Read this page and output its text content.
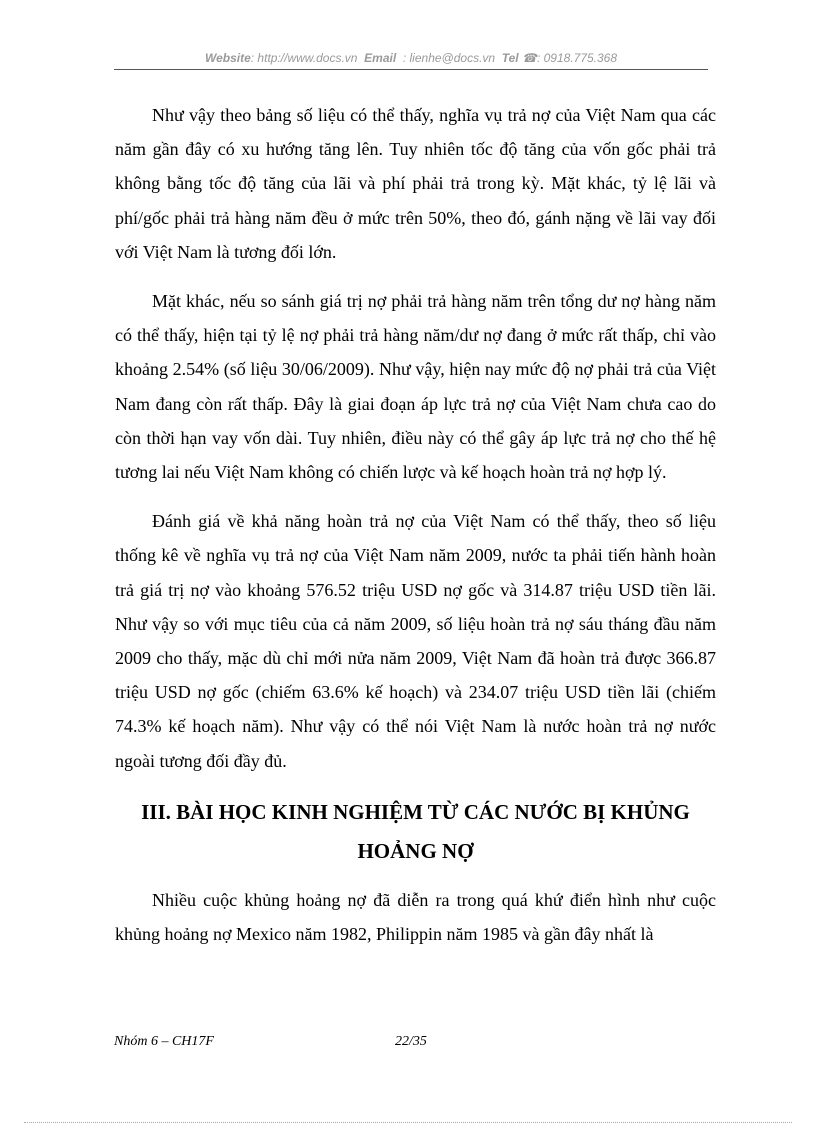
Website: http://www.docs.vn Email : lienhe@docs.vn Tel ☎: 0918.775.368

Như vậy theo bảng số liệu có thể thấy, nghĩa vụ trả nợ của Việt Nam qua các năm gần đây có xu hướng tăng lên. Tuy nhiên tốc độ tăng của vốn gốc phải trả không bằng tốc độ tăng của lãi và phí phải trả trong kỳ. Mặt khác, tỷ lệ lãi và phí/gốc phải trả hàng năm đều ở mức trên 50%, theo đó, gánh nặng về lãi vay đối với Việt Nam là tương đối lớn.

Mặt khác, nếu so sánh giá trị nợ phải trả hàng năm trên tổng dư nợ hàng năm có thể thấy, hiện tại tỷ lệ nợ phải trả hàng năm/dư nợ đang ở mức rất thấp, chỉ vào khoảng 2.54% (số liệu 30/06/2009). Như vậy, hiện nay mức độ nợ phải trả của Việt Nam đang còn rất thấp. Đây là giai đoạn áp lực trả nợ của Việt Nam chưa cao do còn thời hạn vay vốn dài. Tuy nhiên, điều này có thể gây áp lực trả nợ cho thế hệ tương lai nếu Việt Nam không có chiến lược và kế hoạch hoàn trả nợ hợp lý.

Đánh giá về khả năng hoàn trả nợ của Việt Nam có thể thấy, theo số liệu thống kê về nghĩa vụ trả nợ của Việt Nam năm 2009, nước ta phải tiến hành hoàn trả giá trị nợ vào khoảng 576.52 triệu USD nợ gốc và 314.87 triệu USD tiền lãi. Như vậy so với mục tiêu của cả năm 2009, số liệu hoàn trả nợ sáu tháng đầu năm 2009 cho thấy, mặc dù chỉ mới nửa năm 2009, Việt Nam đã hoàn trả được 366.87 triệu USD nợ gốc (chiếm 63.6% kế hoạch) và 234.07 triệu USD tiền lãi (chiếm 74.3% kế hoạch năm). Như vậy có thể nói Việt Nam là nước hoàn trả nợ nước ngoài tương đối đầy đủ.

III. BÀI HỌC KINH NGHIỆM TỪ CÁC NƯỚC BỊ KHỦNG HOẢNG NỢ

Nhiều cuộc khủng hoảng nợ đã diễn ra trong quá khứ điển hình như cuộc khủng hoảng nợ Mexico năm 1982, Philippin năm 1985 và gần đây nhất là

Nhóm 6 – CH17F	22/35
